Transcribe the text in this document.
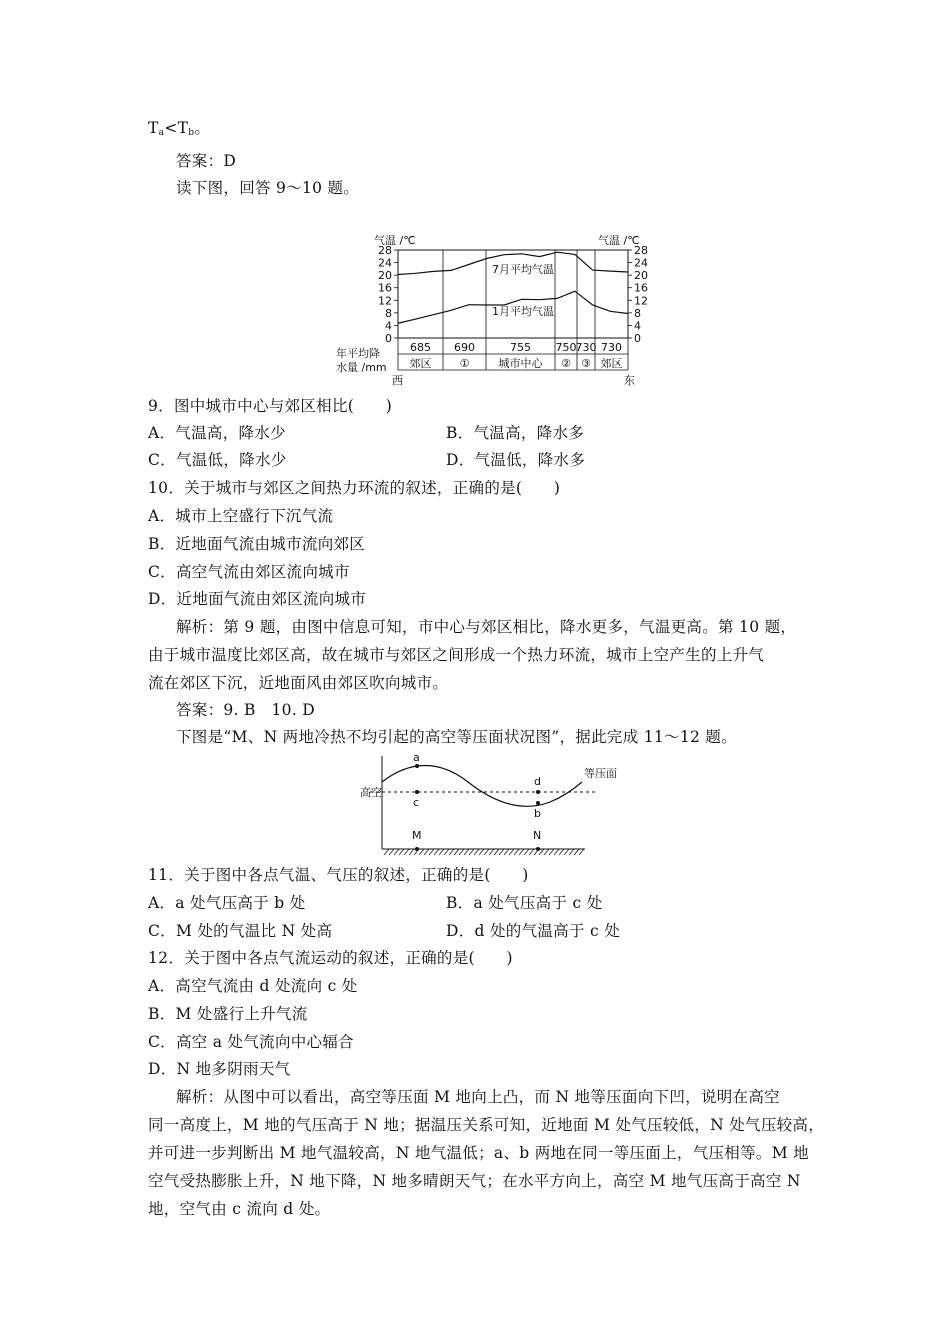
$T_a<T_b$。
答案：D
读下图，回答 9～10 题。
气温 /℃	气温 /℃
28	28
24	24
20	20
16	16
12	12
8	8
4	4
0	0
7月平均气温
1月平均气温
685 690	755 750 730 730
郊区	①	城市中心 ② ③ 郊区
年平均降
水量 /mm
西	东
9．图中城市中心与郊区相比(　　)
A．气温高，降水少	B．气温高，降水多
C．气温低，降水少	D．气温低，降水多
10．关于城市与郊区之间热力环流的叙述，正确的是(　　)
A．城市上空盛行下沉气流
B．近地面气流由城市流向郊区
C．高空气流由郊区流向城市
D．近地面气流由郊区流向城市
解析：第 9 题，由图中信息可知，市中心与郊区相比，降水更多，气温更高。第 10 题，
由于城市温度比郊区高，故在城市与郊区之间形成一个热力环流，城市上空产生的上升气
流在郊区下沉，近地面风由郊区吹向城市。
答案：9. B　10. D
下图是“M、N 两地冷热不均引起的高空等压面状况图”，据此完成 11～12 题。
a
c
d
b
M	N
高空
等压面
11．关于图中各点气温、气压的叙述，正确的是(　　)
A．a 处气压高于 b 处	B．a 处气压高于 c 处
C．M 处的气温比 N 处高	D．d 处的气温高于 c 处
12．关于图中各点气流运动的叙述，正确的是(　　)
A．高空气流由 d 处流向 c 处
B．M 处盛行上升气流
C．高空 a 处气流向中心辐合
D．N 地多阴雨天气
解析：从图中可以看出，高空等压面 M 地向上凸，而 N 地等压面向下凹，说明在高空
同一高度上，M 地的气压高于 N 地；据温压关系可知，近地面 M 处气压较低，N 处气压较高，
并可进一步判断出 M 地气温较高，N 地气温低；a、b 两地在同一等压面上，气压相等。M 地
空气受热膨胀上升，N 地下降，N 地多晴朗天气；在水平方向上，高空 M 地气压高于高空 N
地，空气由 c 流向 d 处。
